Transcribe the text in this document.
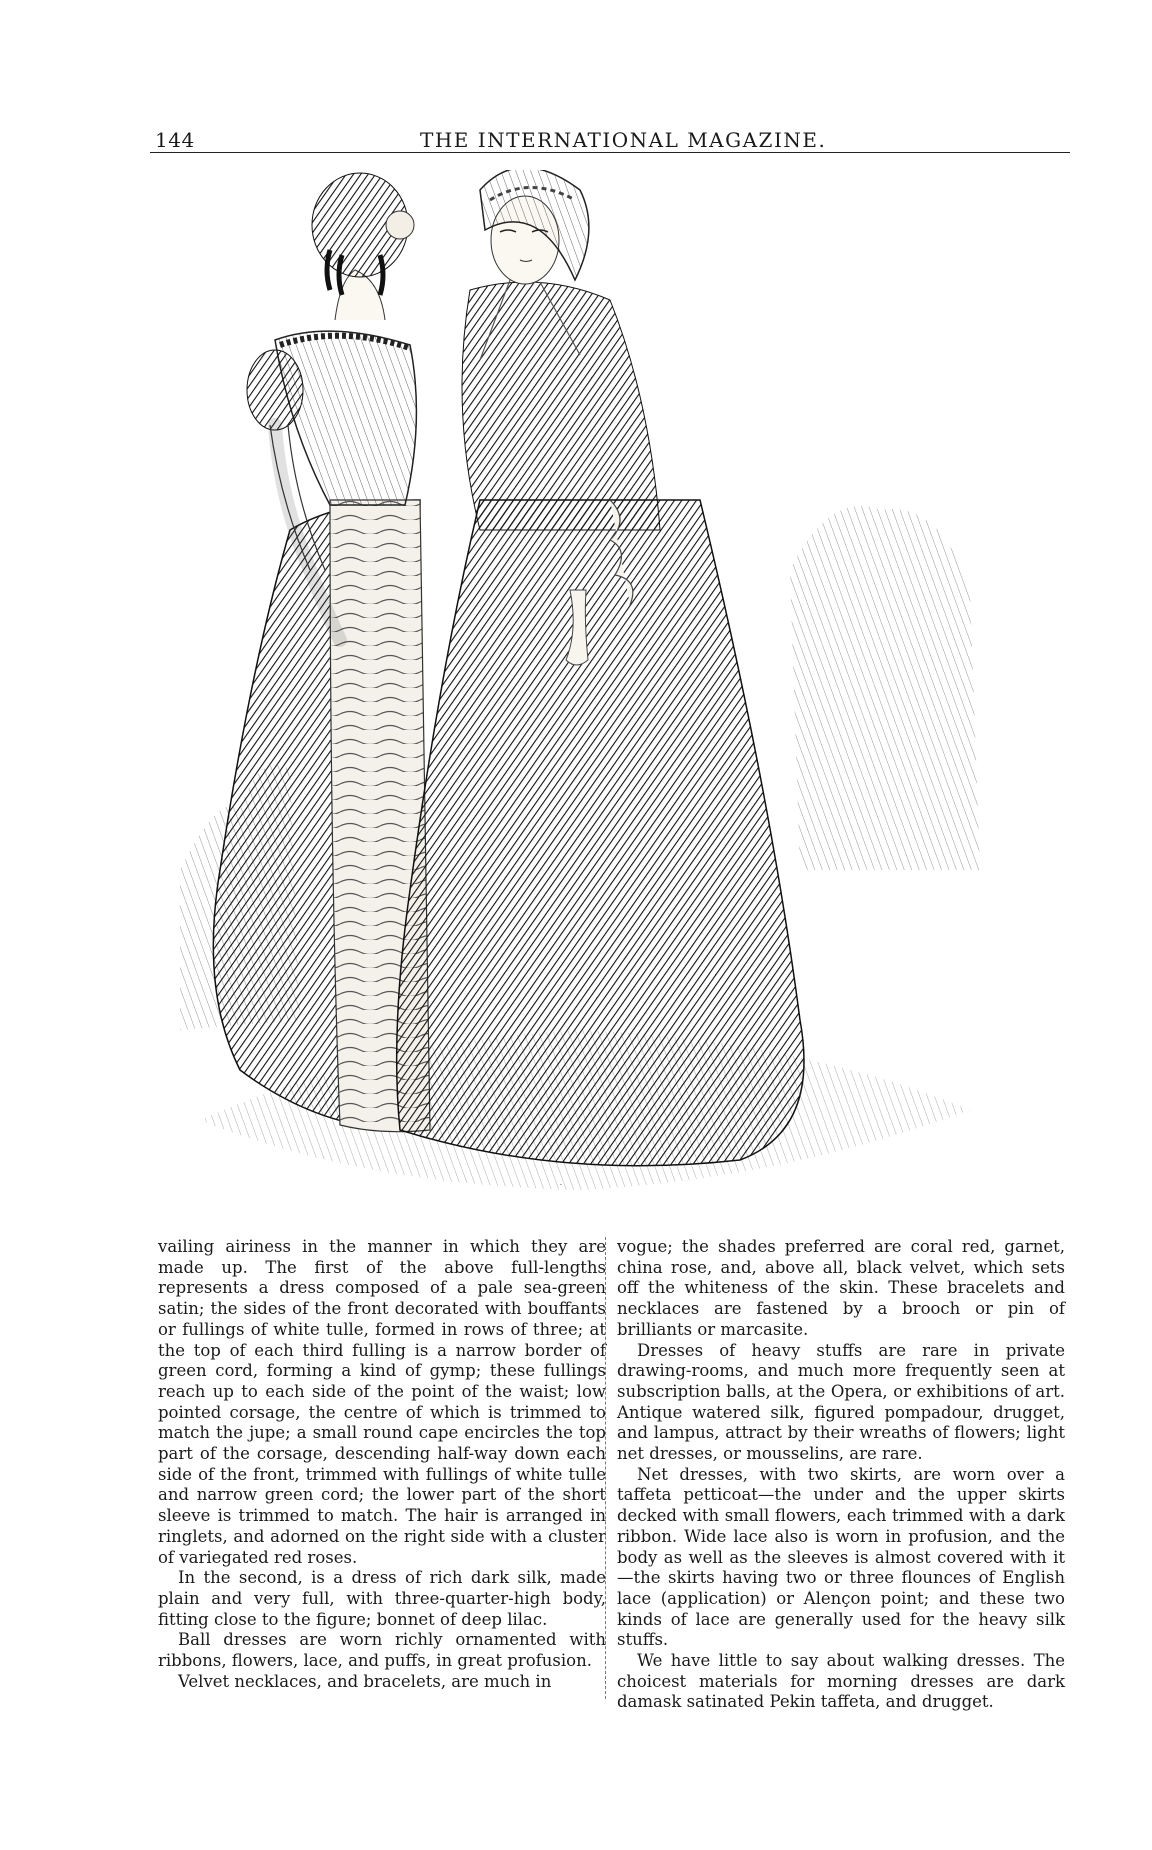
144	THE INTERNATIONAL MAGAZINE.
.

vailing airiness in the manner in which they are made up. The first of the above full-lengths represents a dress composed of a pale sea-green satin; the sides of the front decorated with bouffants or fullings of white tulle, formed in rows of three; at the top of each third fulling is a narrow border of green cord, forming a kind of gymp; these fullings reach up to each side of the point of the waist; low pointed corsage, the centre of which is trimmed to match the jupe; a small round cape encircles the top part of the corsage, descending half-way down each side of the front, trimmed with fullings of white tulle and narrow green cord; the lower part of the short sleeve is trimmed to match. The hair is arranged in ringlets, and adorned on the right side with a cluster of variegated red roses.

In the second, is a dress of rich dark silk, made plain and very full, with three-quarter-high body, fitting close to the figure; bonnet of deep lilac.

Ball dresses are worn richly ornamented with ribbons, flowers, lace, and puffs, in great profusion.

Velvet necklaces, and bracelets, are much in

vogue; the shades preferred are coral red, garnet, china rose, and, above all, black velvet, which sets off the whiteness of the skin. These bracelets and necklaces are fastened by a brooch or pin of brilliants or marcasite.

Dresses of heavy stuffs are rare in private drawing-rooms, and much more frequently seen at subscription balls, at the Opera, or exhibitions of art. Antique watered silk, figured pompadour, drugget, and lampus, attract by their wreaths of flowers; light net dresses, or mousselins, are rare.

Net dresses, with two skirts, are worn over a taffeta petticoat—the under and the upper skirts decked with small flowers, each trimmed with a dark ribbon. Wide lace also is worn in profusion, and the body as well as the sleeves is almost covered with it—the skirts having two or three flounces of English lace (application) or Alençon point; and these two kinds of lace are generally used for the heavy silk stuffs.

We have little to say about walking dresses. The choicest materials for morning dresses are dark damask satinated Pekin taffeta, and drugget.
